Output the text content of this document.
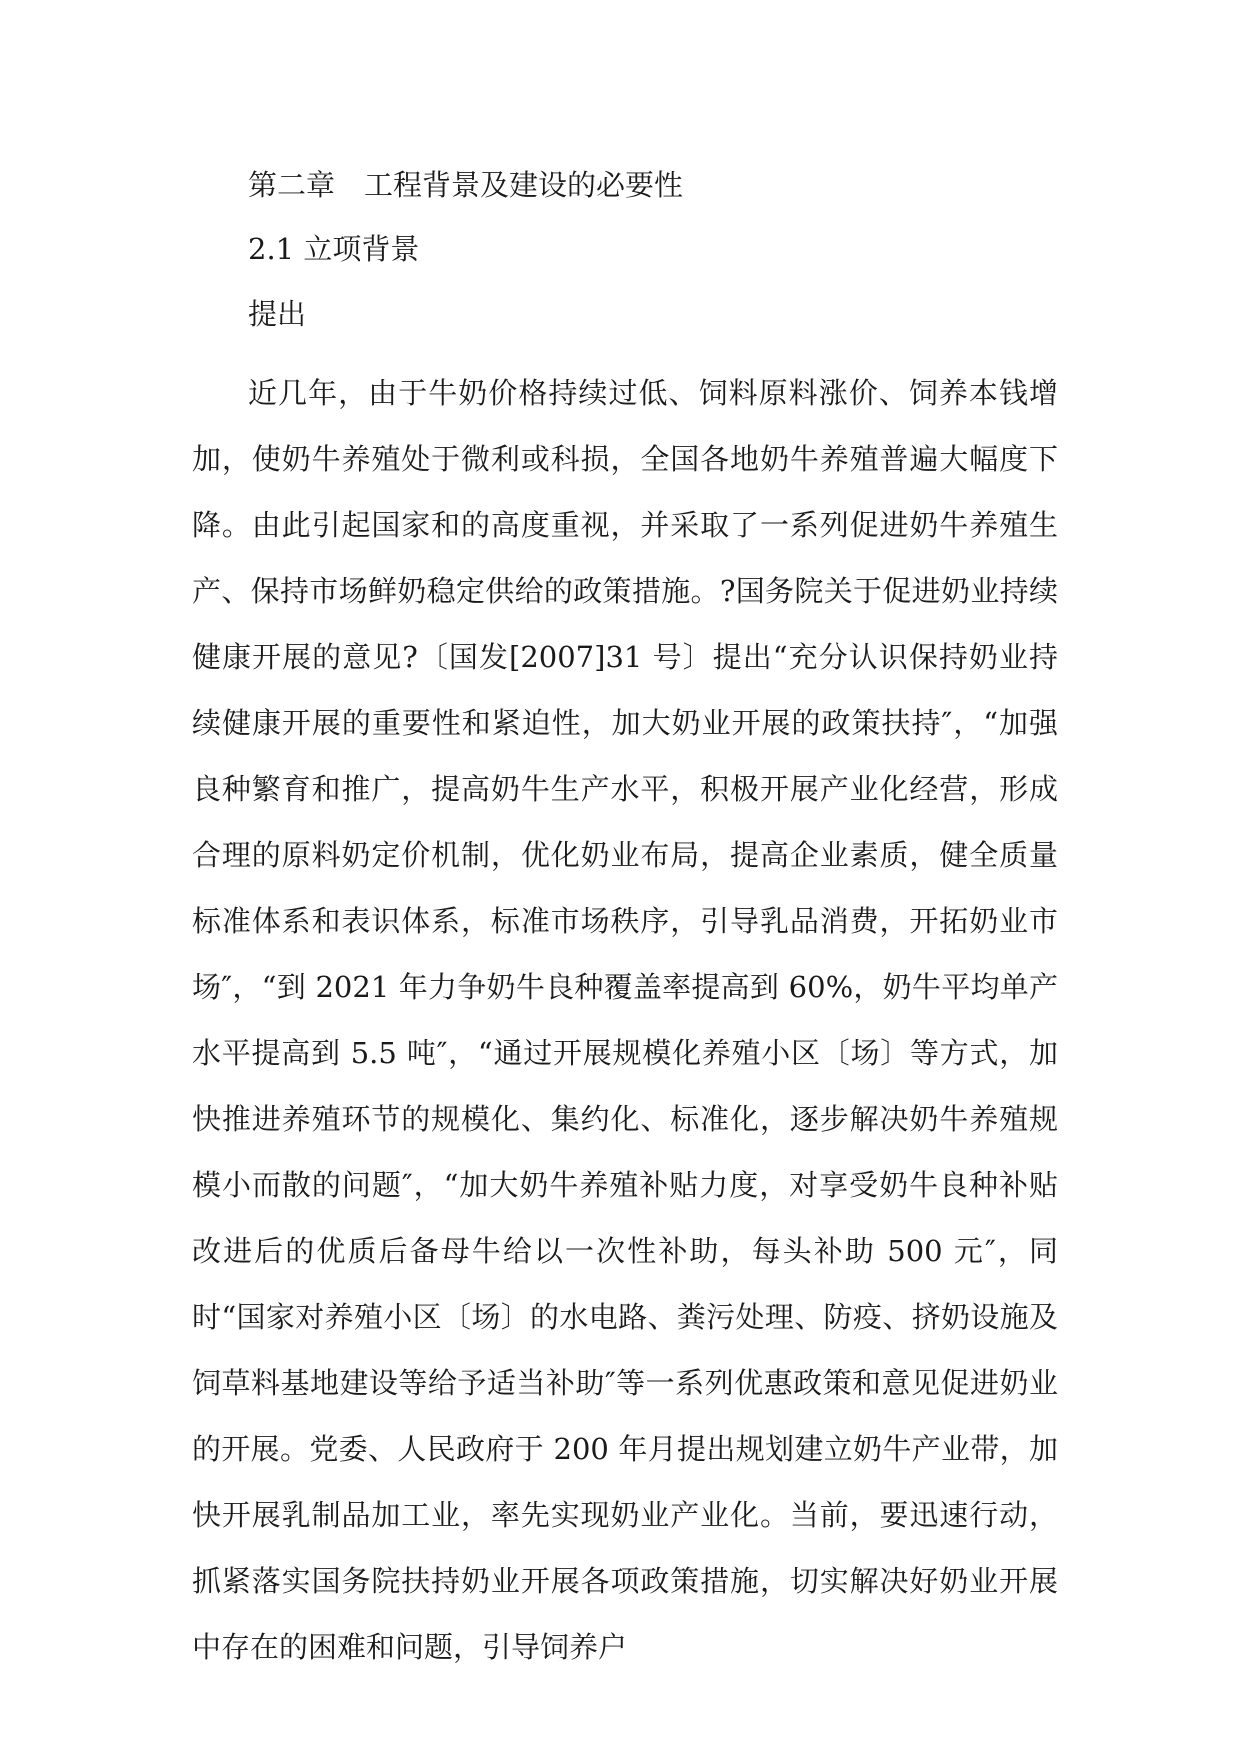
第二章　工程背景及建设的必要性
2.1 立项背景
提出

近几年，由于牛奶价格持续过低、饲料原料涨价、饲养本钱增加，使奶牛养殖处于微利或科损，全国各地奶牛养殖普遍大幅度下降。由此引起国家和的高度重视，并采取了一系列促进奶牛养殖生产、保持市场鲜奶稳定供给的政策措施。?国务院关于促进奶业持续健康开展的意见?〔国发[2007]31 号〕提出“充分认识保持奶业持续健康开展的重要性和紧迫性，加大奶业开展的政策扶持″，“加强良种繁育和推广，提高奶牛生产水平，积极开展产业化经营，形成合理的原料奶定价机制，优化奶业布局，提高企业素质，健全质量标准体系和表识体系，标准市场秩序，引导乳品消费，开拓奶业市场″，“到 2021 年力争奶牛良种覆盖率提高到 60%，奶牛平均单产水平提高到 5.5 吨″，“通过开展规模化养殖小区〔场〕等方式，加快推进养殖环节的规模化、集约化、标准化，逐步解决奶牛养殖规模小而散的问题″，“加大奶牛养殖补贴力度，对享受奶牛良种补贴改进后的优质后备母牛给以一次性补助，每头补助 500 元″，同时“国家对养殖小区〔场〕的水电路、粪污处理、防疫、挤奶设施及饲草料基地建设等给予适当补助″等一系列优惠政策和意见促进奶业的开展。党委、人民政府于 200 年月提出规划建立奶牛产业带，加快开展乳制品加工业，率先实现奶业产业化。当前，要迅速行动，抓紧落实国务院扶持奶业开展各项政策措施，切实解决好奶业开展中存在的困难和问题，引导饲养户
